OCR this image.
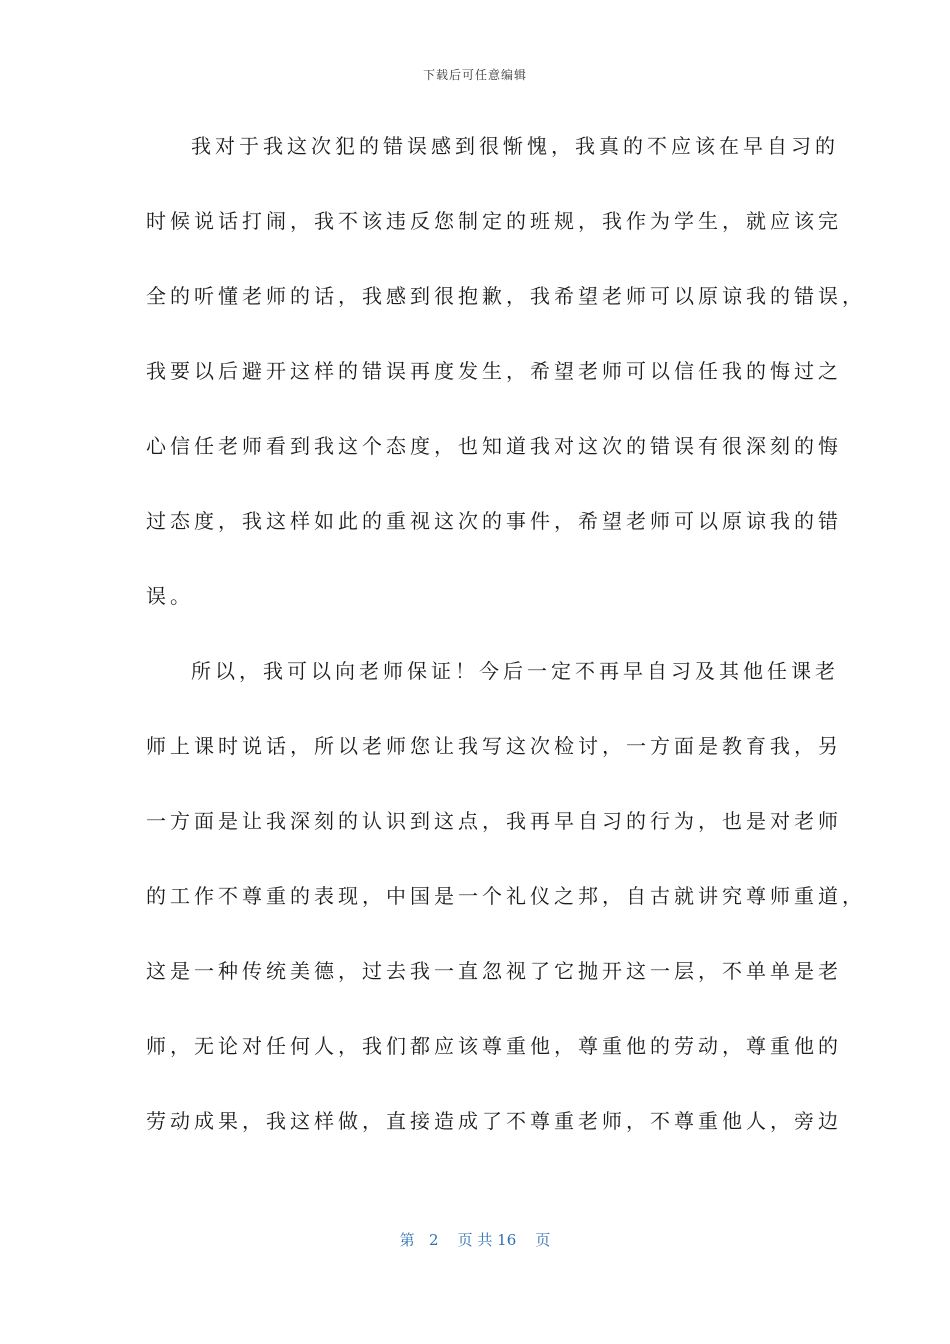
下载后可任意编辑
我对于我这次犯的错误感到很惭愧，我真的不应该在早自习的
时候说话打闹，我不该违反您制定的班规，我作为学生，就应该完
全的听懂老师的话，我感到很抱歉，我希望老师可以原谅我的错误，
我要以后避开这样的错误再度发生，希望老师可以信任我的悔过之
心信任老师看到我这个态度，也知道我对这次的错误有很深刻的悔
过态度，我这样如此的重视这次的事件，希望老师可以原谅我的错
误。
所以，我可以向老师保证！今后一定不再早自习及其他任课老
师上课时说话，所以老师您让我写这次检讨，一方面是教育我，另
一方面是让我深刻的认识到这点，我再早自习的行为，也是对老师
的工作不尊重的表现，中国是一个礼仪之邦，自古就讲究尊师重道，
这是一种传统美德，过去我一直忽视了它抛开这一层，不单单是老
师，无论对任何人，我们都应该尊重他，尊重他的劳动，尊重他的
劳动成果，我这样做，直接造成了不尊重老师，不尊重他人，旁边
第 2 页 共 16 页
